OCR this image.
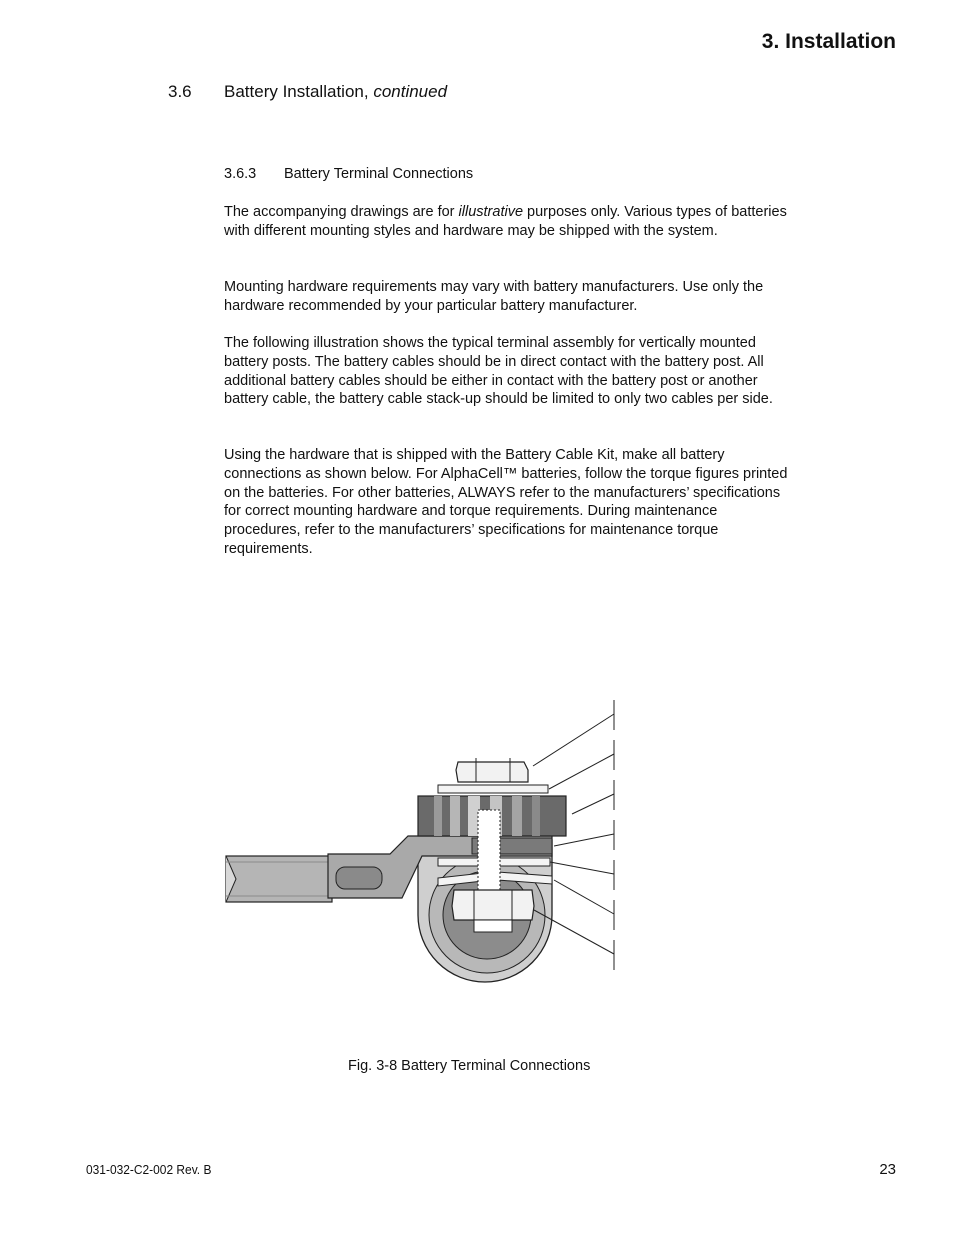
3. Installation
3.6 Battery Installation, continued
3.6.3 Battery Terminal Connections

The accompanying drawings are for illustrative purposes only. Various types of batteries with different mounting styles and hardware may be shipped with the system.

Mounting hardware requirements may vary with battery manufacturers. Use only the hardware recommended by your particular battery manufacturer.

The following illustration shows the typical terminal assembly for vertically mounted battery posts. The battery cables should be in direct contact with the battery post. All additional battery cables should be either in contact with the battery post or another battery cable, the battery cable stack-up should be limited to only two cables per side.

Using the hardware that is shipped with the Battery Cable Kit, make all battery connections as shown below. For AlphaCell™ batteries, follow the torque figures printed on the batteries. For other batteries, ALWAYS refer to the manufacturers’ specifications for correct mounting hardware and torque requirements. During maintenance procedures, refer to the manufacturers’ specifications for maintenance torque requirements.

Fig. 3-8 Battery Terminal Connections
031-032-C2-002 Rev. B	23
